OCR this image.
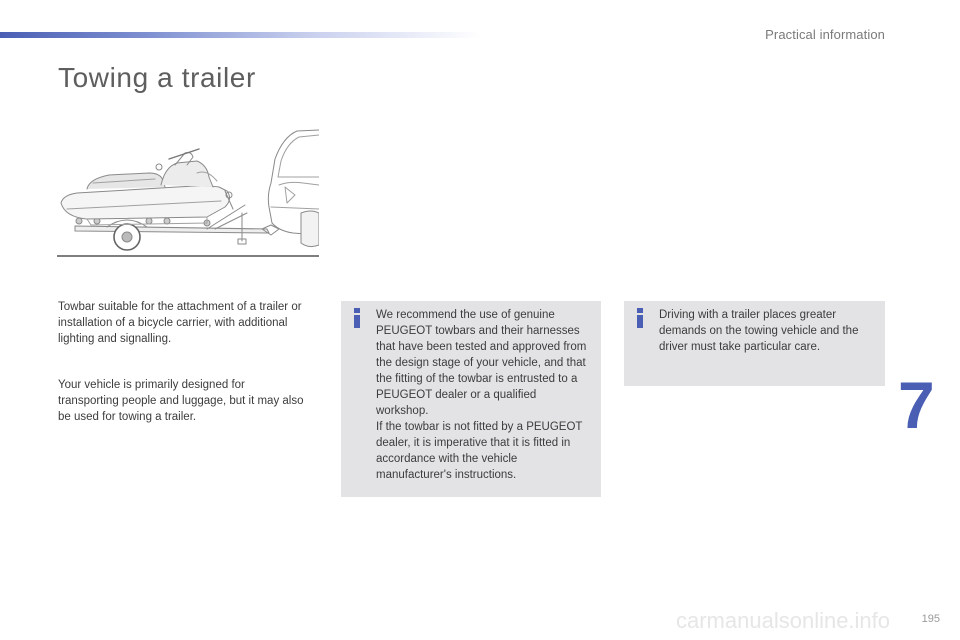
Practical information
Towing a trailer

Towbar suitable for the attachment of a trailer or installation of a bicycle carrier, with additional lighting and signalling.

Your vehicle is primarily designed for transporting people and luggage, but it may also be used for towing a trailer.

We recommend the use of genuine PEUGEOT towbars and their harnesses that have been tested and approved from the design stage of your vehicle, and that the fitting of the towbar is entrusted to a PEUGEOT dealer or a qualified workshop.
If the towbar is not fitted by a PEUGEOT dealer, it is imperative that it is fitted in accordance with the vehicle manufacturer's instructions.
Driving with a trailer places greater demands on the towing vehicle and the driver must take particular care.
7
carmanualsonline.info	195
